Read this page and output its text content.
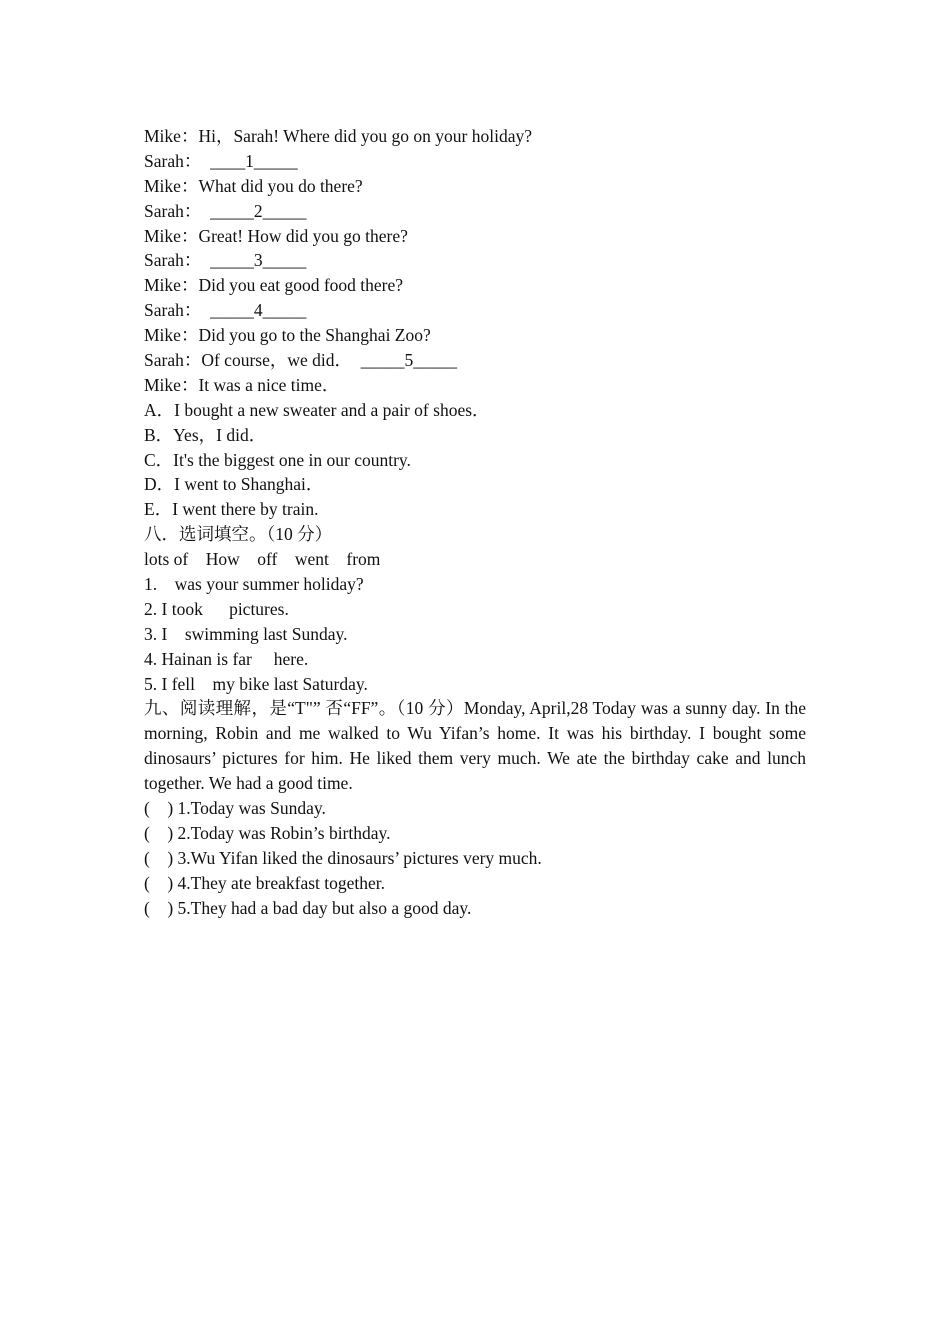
Mike：Hi，Sarah! Where did you go on your holiday?
Sarah：  ____1_____
Mike：What did you do there?
Sarah：  _____2_____
Mike：Great! How did you go there?
Sarah：  _____3_____
Mike：Did you eat good food there?
Sarah：  _____4_____
Mike：Did you go to the Shanghai Zoo?
Sarah：Of course，we did．  _____5_____
Mike：It was a nice time．
A．I bought a new sweater and a pair of shoes．
B．Yes，I did．
C．It's the biggest one in our country.
D．I went to Shanghai．
E．I went there by train.
八．选词填空。（10 分）
lots of    How    off    went    from
1.    was your summer holiday?
2. I took      pictures.
3. I    swimming last Sunday.
4. Hainan is far     here.
5. I fell    my bike last Saturday.
九、阅读理解，是“T"” 否“FF”。（10 分）Monday, April,28 Today was a sunny day. In the morning, Robin and me walked to Wu Yifan’s home. It was his birthday. I bought some dinosaurs’ pictures for him. He liked them very much. We ate the birthday cake and lunch together. We had a good time.
(    ) 1.Today was Sunday.
(    ) 2.Today was Robin’s birthday.
(    ) 3.Wu Yifan liked the dinosaurs’ pictures very much.
(    ) 4.They ate breakfast together.
(    ) 5.They had a bad day but also a good day.
